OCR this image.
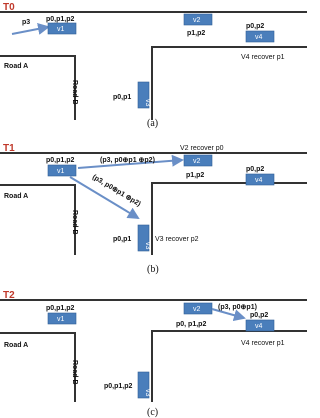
T0
p3 p0,p1,p2
v1
v2
p1,p2
p0,p2
v4
V4 recover p1
Road A
Road B	p0,p1
v3
(a)
T1
p0,p1,p2
v1
(p3, p0⊕p1 ⊕p2)
(p3, p0⊕p1 ⊕p2)
V2 recover p0
v2
p1,p2
p0,p2
v4
Road A
Road B
p0,p1
v3
V3 recover p2
(b)
T2
p0,p1,p2
v1
v2
p0, p1,p2
(p3, p0⊕p1)
p0,p2
v4
V4 recover p1
Road A
Road B
p0,p1,p2
v3
(c)
